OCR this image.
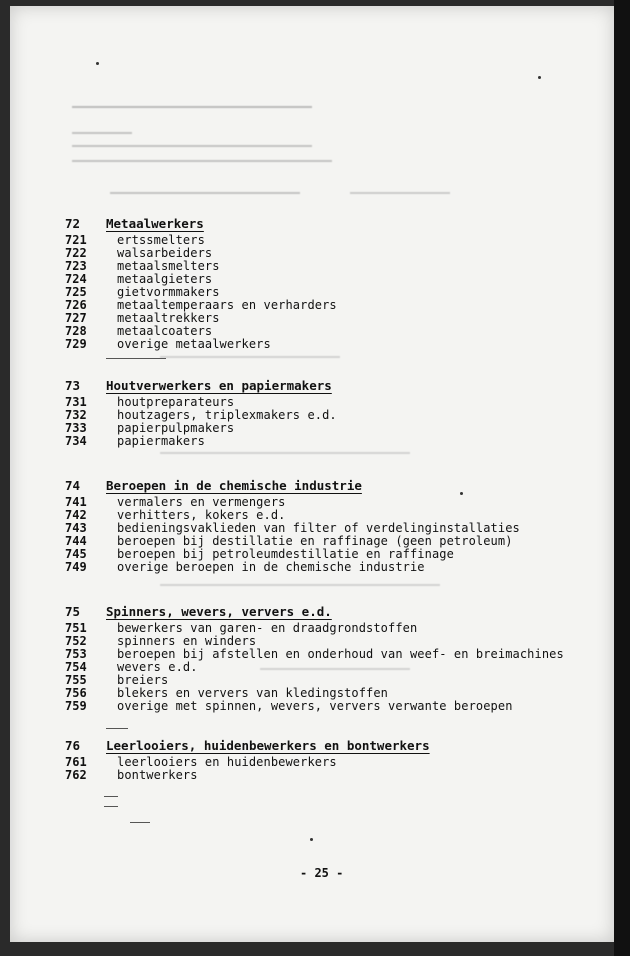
72	Metaalwerkers
721	ertssmelters
722	walsarbeiders
723	metaalsmelters
724	metaalgieters
725	gietvormmakers
726	metaaltemperaars en verharders
727	metaaltrekkers
728	metaalcoaters
729	overige metaalwerkers
73	Houtverwerkers en papiermakers
731	houtpreparateurs
732	houtzagers, triplexmakers e.d.
733	papierpulpmakers
734	papiermakers
74	Beroepen in de chemische industrie
741	vermalers en vermengers
742	verhitters, kokers e.d.
743	bedieningsvaklieden van filter of verdelinginstallaties
744	beroepen bij destillatie en raffinage (geen petroleum)
745	beroepen bij petroleumdestillatie en raffinage
749	overige beroepen in de chemische industrie
75	Spinners, wevers, ververs e.d.
751	bewerkers van garen- en draadgrondstoffen
752	spinners en winders
753	beroepen bij afstellen en onderhoud van weef- en breimachines
754	wevers e.d.
755	breiers
756	blekers en ververs van kledingstoffen
759	overige met spinnen, wevers, ververs verwante beroepen
76	Leerlooiers, huidenbewerkers en bontwerkers
761	leerlooiers en huidenbewerkers
762	bontwerkers
- 25 -
